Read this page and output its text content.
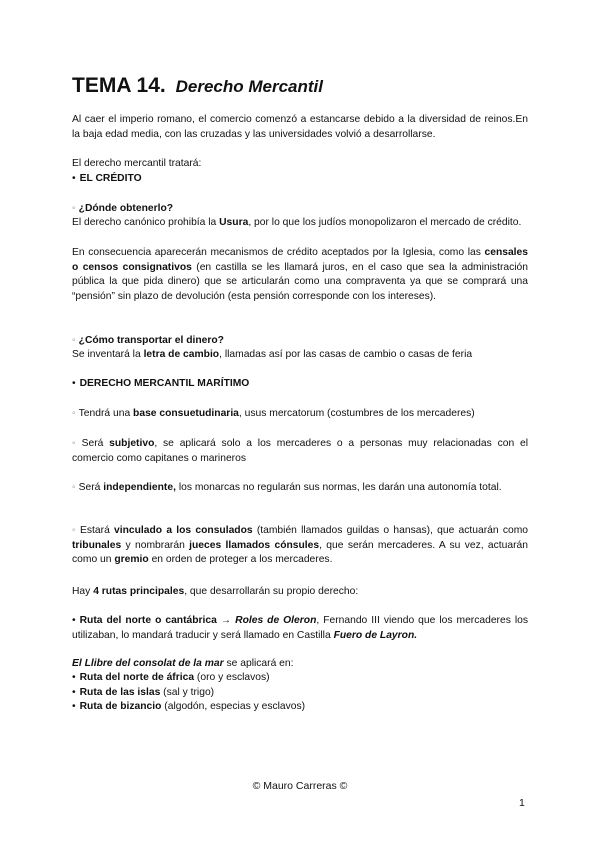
TEMA 14. Derecho Mercantil
Al caer el imperio romano, el comercio comenzó a estancarse debido a la diversidad de reinos.En la baja edad media, con las cruzadas y las universidades volvió a desarrollarse.
El derecho mercantil tratará:
• EL CRÉDITO
◦ ¿Dónde obtenerlo?
El derecho canónico prohibía la Usura, por lo que los judíos monopolizaron el mercado de crédito.
En consecuencia aparecerán mecanismos de crédito aceptados por la Iglesia, como las censales o censos consignativos (en castilla se les llamará juros, en el caso que sea la administración pública la que pida dinero) que se articularán como una compraventa ya que se comprará una “pensión” sin plazo de devolución (esta pensión corresponde con los intereses).
◦ ¿Cómo transportar el dinero?
Se inventará la letra de cambio, llamadas así por las casas de cambio o casas de feria
• DERECHO MERCANTIL MARÍTIMO
◦ Tendrá una base consuetudinaria, usus mercatorum (costumbres de los mercaderes)
◦ Será subjetivo, se aplicará solo a los mercaderes o a personas muy relacionadas con el comercio como capitanes o marineros
◦ Será independiente, los monarcas no regularán sus normas, les darán una autonomía total.
◦ Estará vinculado a los consulados (también llamados guildas o hansas), que actuarán como tribunales y nombrarán jueces llamados cónsules, que serán mercaderes. A su vez, actuarán como un gremio en orden de proteger a los mercaderes.
Hay 4 rutas principales, que desarrollarán su propio derecho:
• Ruta del norte o cantábrica → Roles de Oleron, Fernando III viendo que los mercaderes los utilizaban, lo mandará traducir y será llamado en Castilla Fuero de Layron.
El Llibre del consolat de la mar se aplicará en:
• Ruta del norte de áfrica (oro y esclavos)
• Ruta de las islas (sal y trigo)
• Ruta de bizancio (algodón, especias y esclavos)
© Mauro Carreras ©
1
